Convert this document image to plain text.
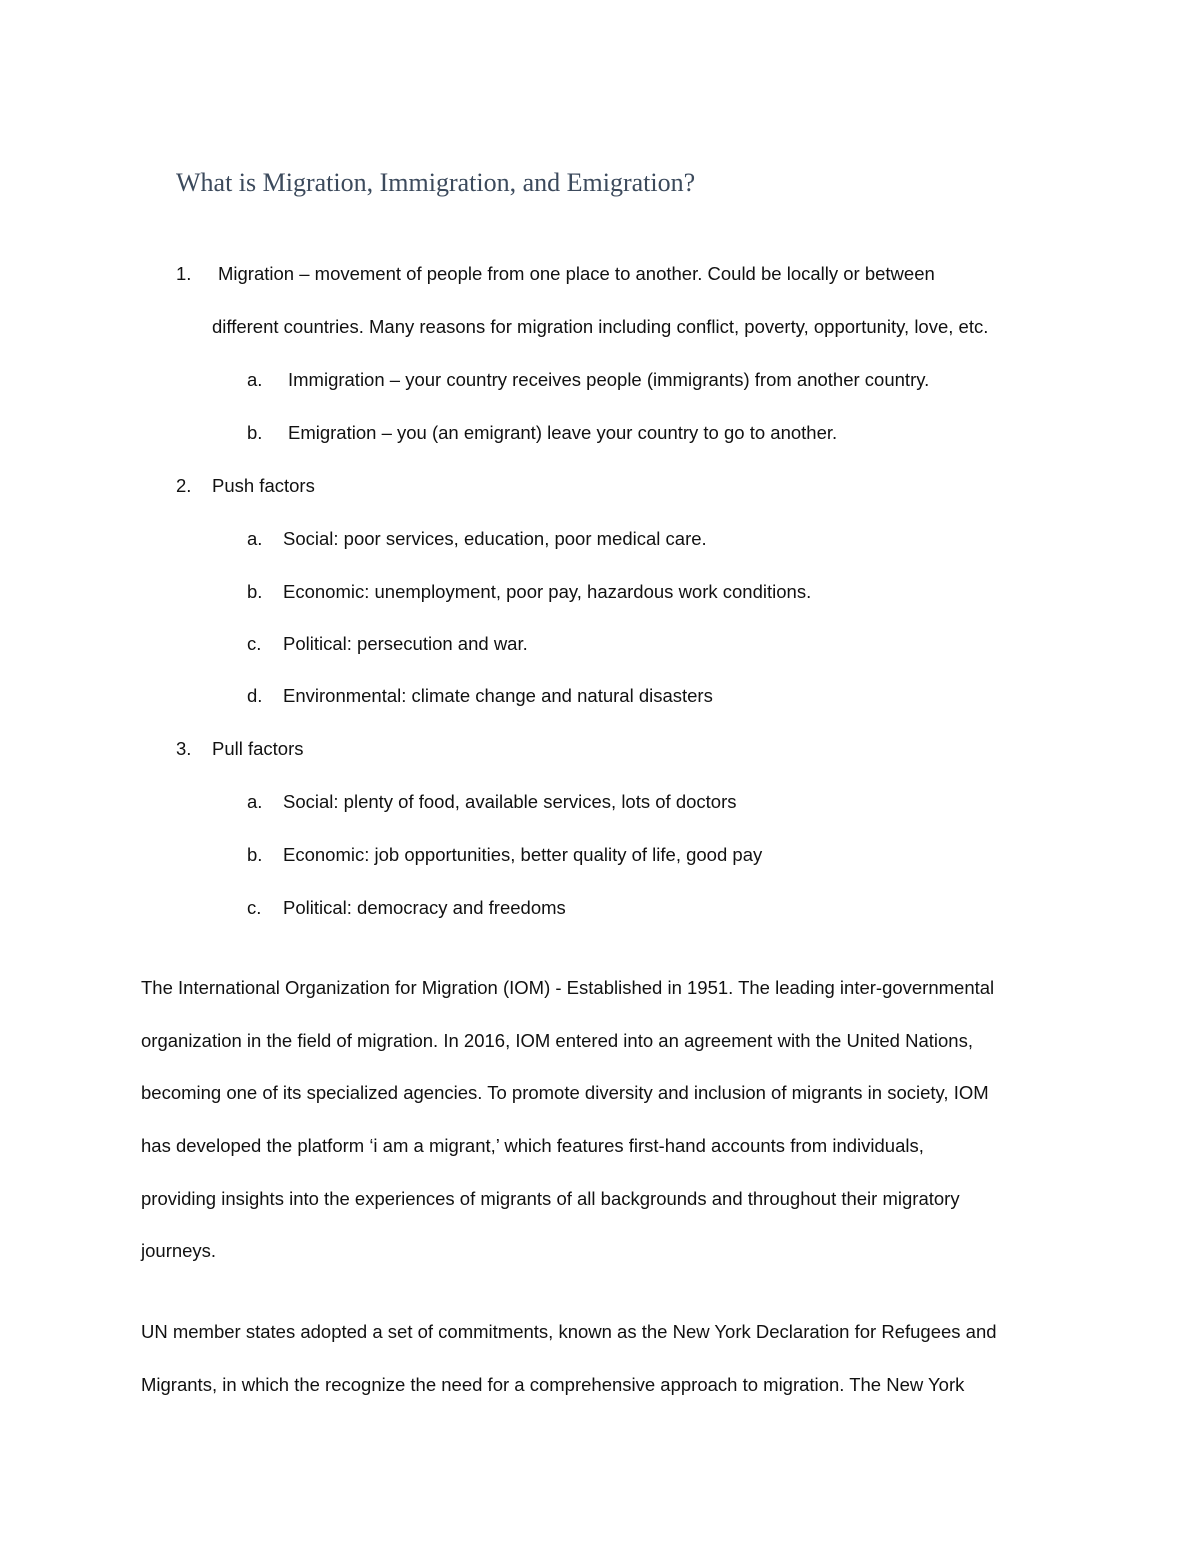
What is Migration, Immigration, and Emigration?
1. Migration – movement of people from one place to another. Could be locally or between
different countries. Many reasons for migration including conflict, poverty, opportunity, love, etc.
a. Immigration – your country receives people (immigrants) from another country.
b. Emigration – you (an emigrant) leave your country to go to another.
2. Push factors
a. Social: poor services, education, poor medical care.
b. Economic: unemployment, poor pay, hazardous work conditions.
c. Political: persecution and war.
d. Environmental: climate change and natural disasters
3. Pull factors
a. Social: plenty of food, available services, lots of doctors
b. Economic: job opportunities, better quality of life, good pay
c. Political: democracy and freedoms
The International Organization for Migration (IOM) - Established in 1951. The leading inter-governmental
organization in the field of migration. In 2016, IOM entered into an agreement with the United Nations,
becoming one of its specialized agencies. To promote diversity and inclusion of migrants in society, IOM
has developed the platform ‘i am a migrant,’ which features first-hand accounts from individuals,
providing insights into the experiences of migrants of all backgrounds and throughout their migratory
journeys.
UN member states adopted a set of commitments, known as the New York Declaration for Refugees and
Migrants, in which the recognize the need for a comprehensive approach to migration. The New York
